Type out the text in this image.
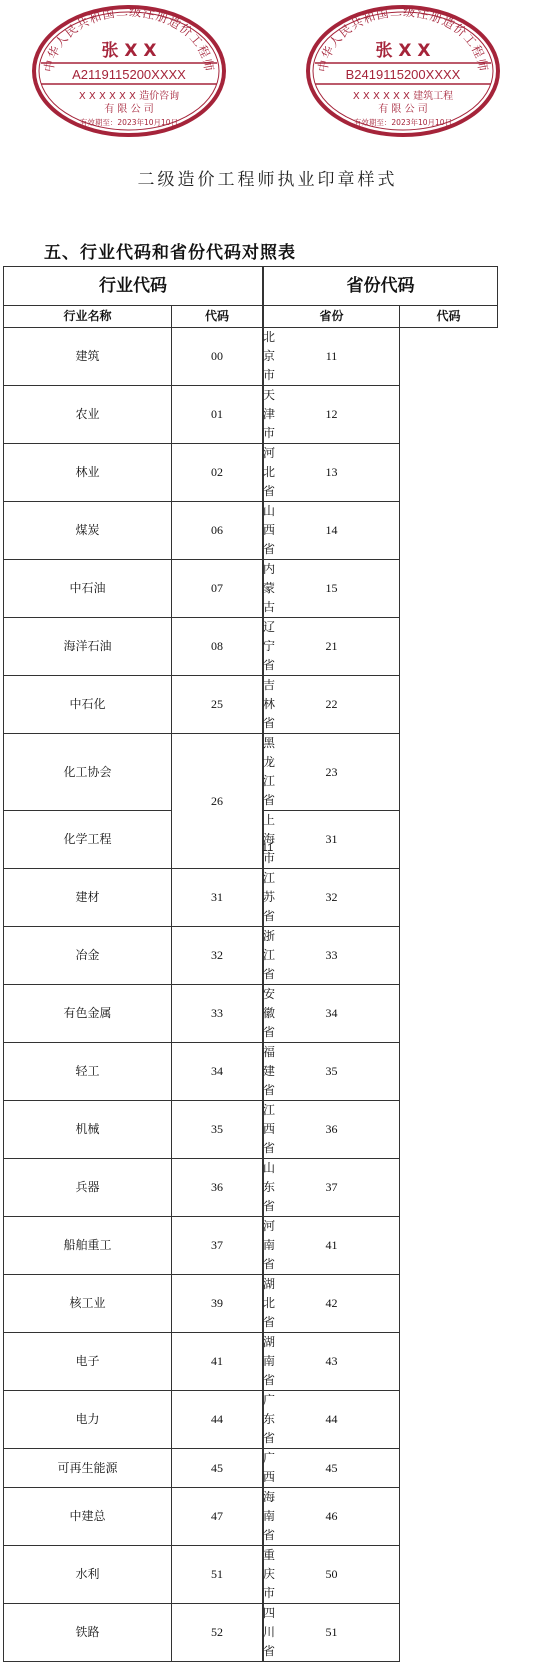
中华人民共和国二级注册造价工程师
张 X X
A2119115200XXXX
X X X X X X 造价咨询
有 限 公 司
有效期至：2023年10月10日
中华人民共和国二级注册造价工程师
张 X X
B2419115200XXXX
X X X X X X 建筑工程
有 限 公 司
有效期至：2023年10月10日
二级造价工程师执业印章样式
五、行业代码和省份代码对照表
行业代码		省份代码	
行业名称	代码	省份	代码
建筑	00	北京市	11	
农业	01	天津市	12	
林业	02	河北省	13	
煤炭	06	山西省	14	
中石油	07	内蒙古	15	
海洋石油	08	辽宁省	21	
中石化	25	吉林省	22	
化工协会	26	黑龙江省	23	
化学工程		上海市	31	
建材	31	江苏省	32	
冶金	32	浙江省	33	
有色金属	33	安徽省	34	
轻工	34	福建省	35	
机械	35	江西省	36	
兵器	36	山东省	37	
船舶重工	37	河南省	41	
核工业	39	湖北省	42	
电子	41	湖南省	43	
电力	44	广东省	44	
可再生能源	45	广西	45	
中建总	47	海南省	46	
水利	51	重庆市	50	
铁路	52	四川省	51	
11
